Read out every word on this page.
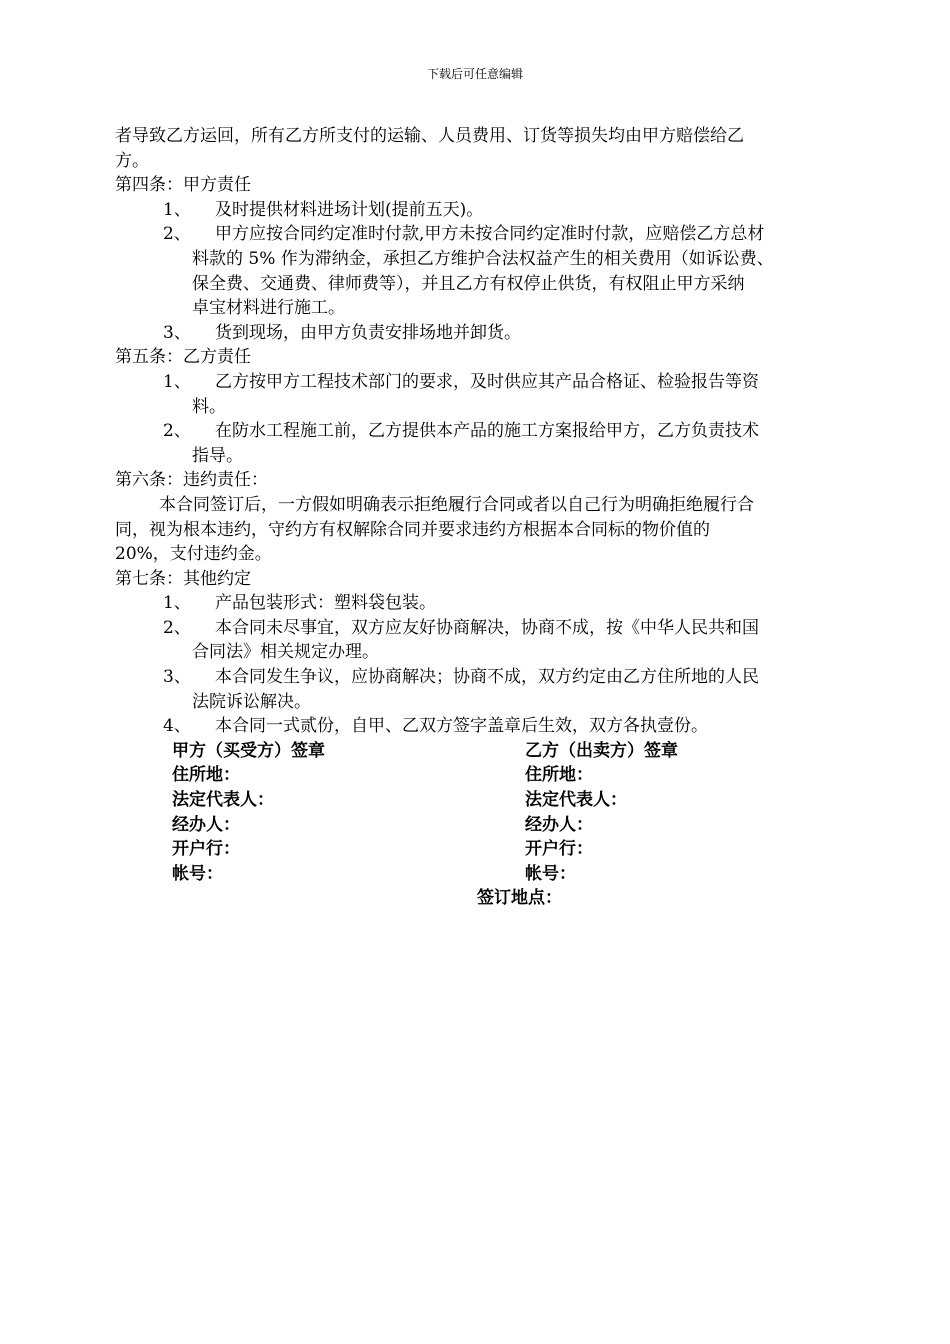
下载后可任意编辑

者导致乙方运回，所有乙方所支付的运输、人员费用、订货等损失均由甲方赔偿给乙

方。

第四条：甲方责任

1、	及时提供材料进场计划(提前五天)。
2、	甲方应按合同约定准时付款,甲方未按合同约定准时付款，应赔偿乙方总材
料款的 5% 作为滞纳金，承担乙方维护合法权益产生的相关费用（如诉讼费、
保全费、交通费、律师费等），并且乙方有权停止供货，有权阻止甲方采纳
卓宝材料进行施工。
3、	货到现场，由甲方负责安排场地并卸货。

第五条：乙方责任

1、	乙方按甲方工程技术部门的要求，及时供应其产品合格证、检验报告等资
料。
2、	在防水工程施工前，乙方提供本产品的施工方案报给甲方，乙方负责技术
指导。

第六条：违约责任：

本合同签订后，一方假如明确表示拒绝履行合同或者以自己行为明确拒绝履行合

同，视为根本违约，守约方有权解除合同并要求违约方根据本合同标的物价值的

20%，支付违约金。

第七条：其他约定

1、	产品包装形式：塑料袋包装。
2、	本合同未尽事宜，双方应友好协商解决，协商不成，按《中华人民共和国
合同法》相关规定办理。
3、	本合同发生争议，应协商解决；协商不成，双方约定由乙方住所地的人民
法院诉讼解决。
4、	本合同一式贰份，自甲、乙双方签字盖章后生效，双方各执壹份。
甲方（买受方）签章	乙方（出卖方）签章
住所地：	住所地：
法定代表人：	法定代表人：
经办人：	经办人：
开户行：	开户行：
帐号：	帐号：
签订地点：
